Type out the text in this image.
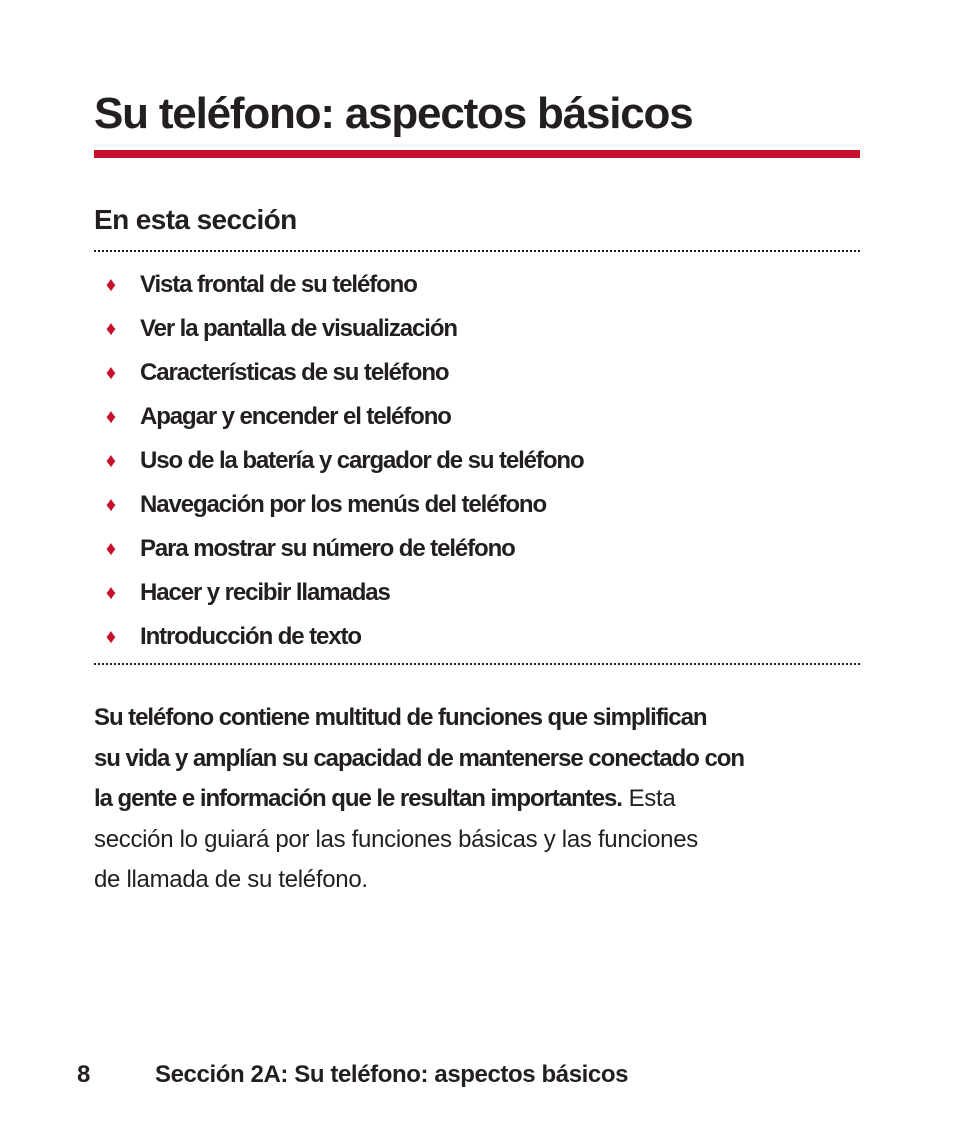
Su teléfono: aspectos básicos
En esta sección
♦ Vista frontal de su teléfono
♦ Ver la pantalla de visualización
♦ Características de su teléfono
♦ Apagar y encender el teléfono
♦ Uso de la batería y cargador de su teléfono
♦ Navegación por los menús del teléfono
♦ Para mostrar su número de teléfono
♦ Hacer y recibir llamadas
♦ Introducción de texto

Su teléfono contiene multitud de funciones que simplifican
su vida y amplían su capacidad de mantenerse conectado con
la gente e información que le resultan importantes. Esta
sección lo guiará por las funciones básicas y las funciones
de llamada de su teléfono.

8	Sección 2A: Su teléfono: aspectos básicos
